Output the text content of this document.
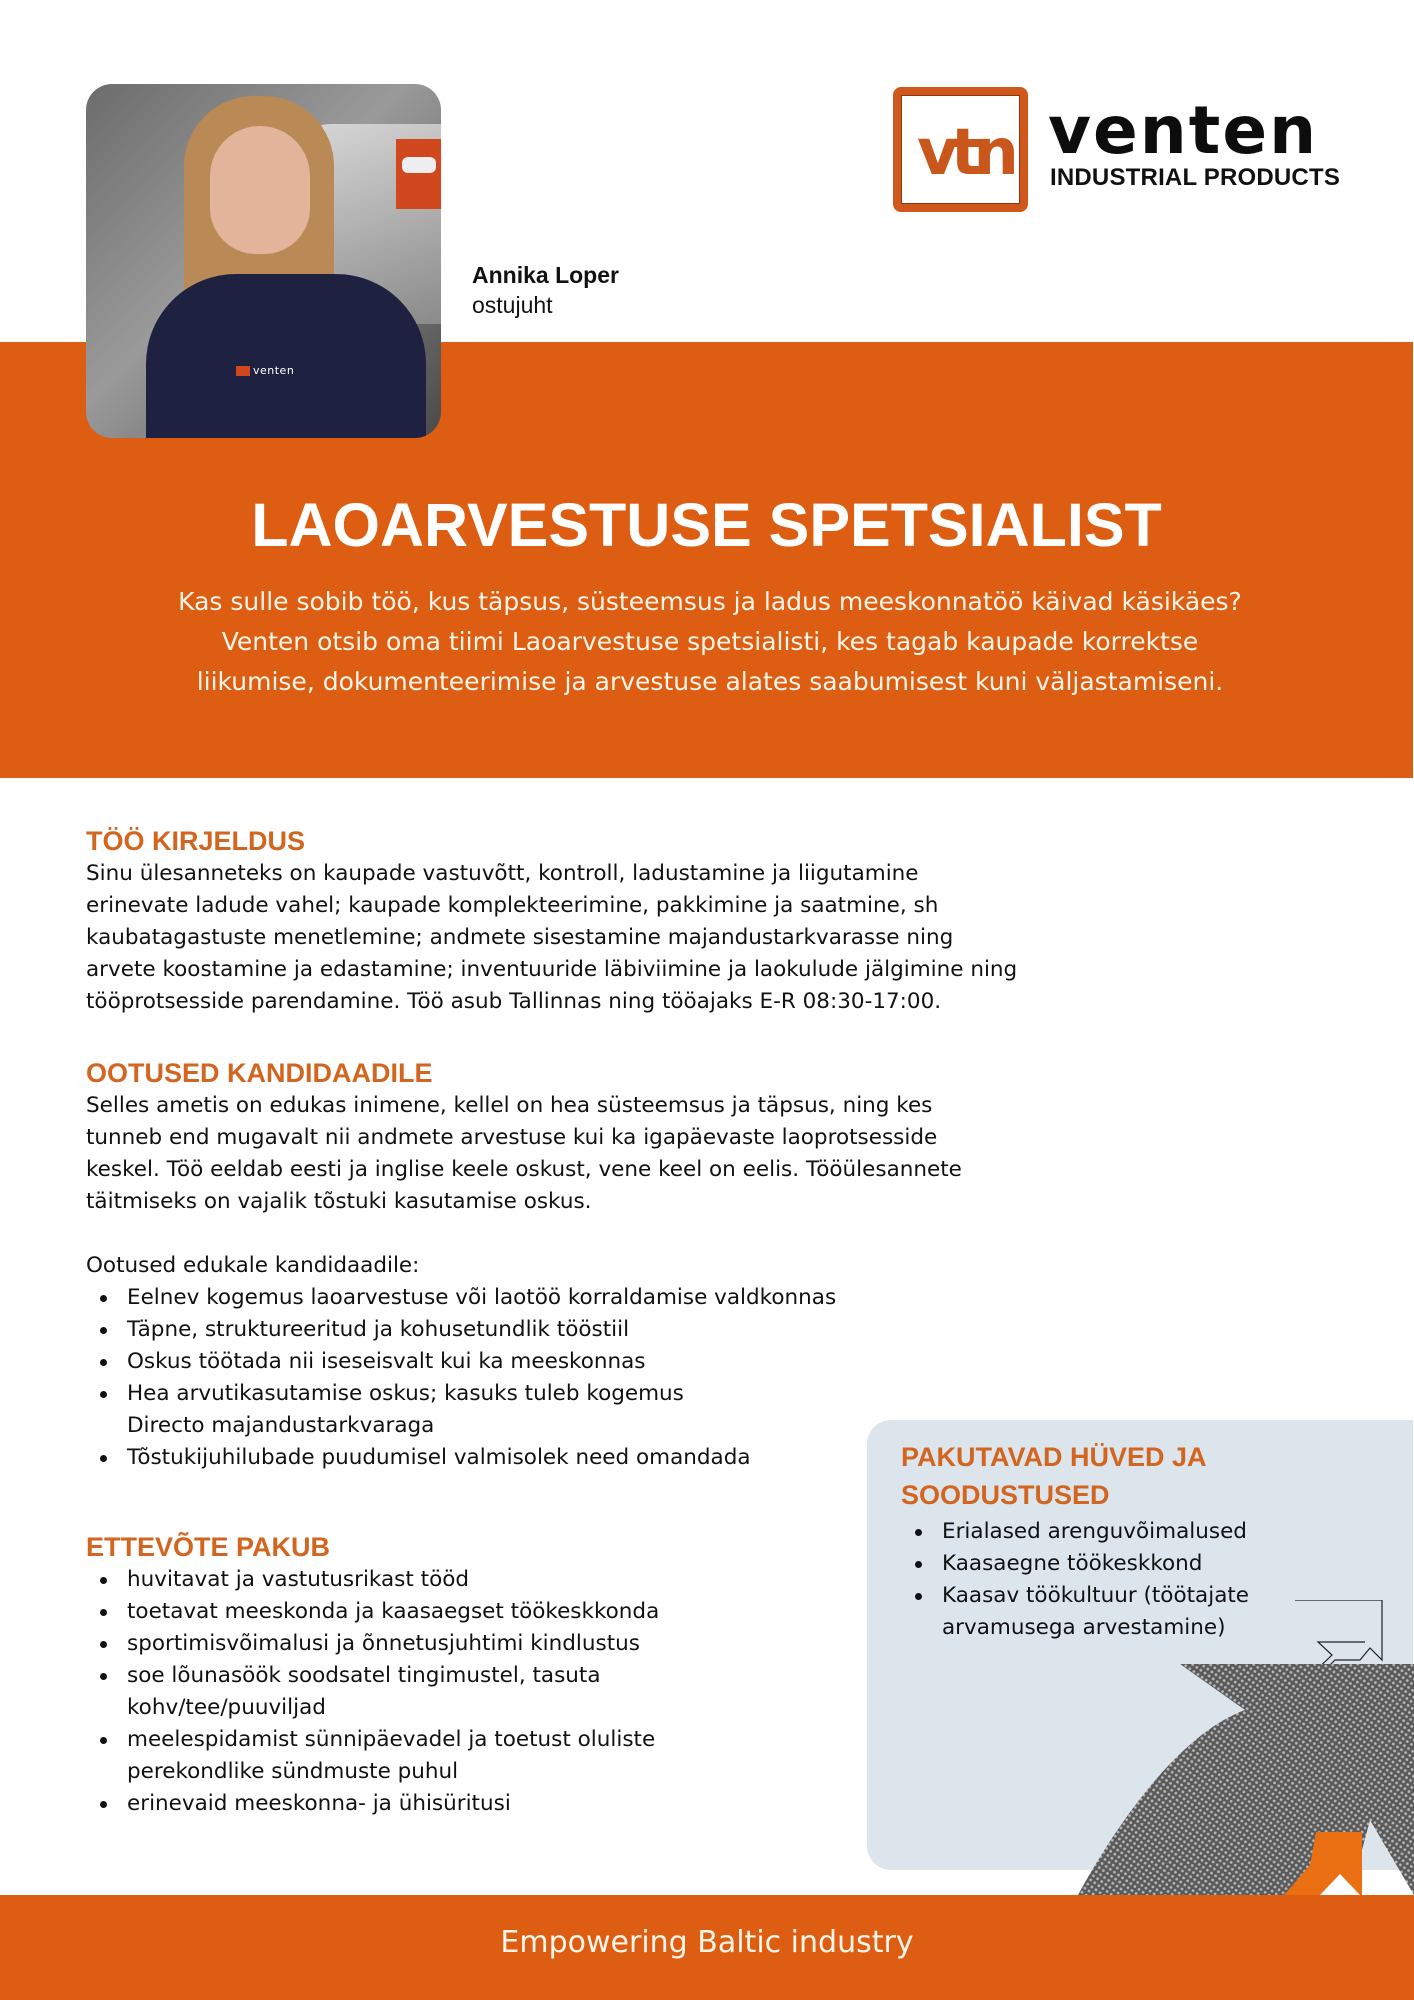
venten
Annika Loper
ostujuht
vtn venten
INDUSTRIAL PRODUCTS
LAOARVESTUSE SPETSIALIST

Kas sulle sobib töö, kus täpsus, süsteemsus ja ladus meeskonnatöö käivad käsikäes? Venten otsib oma tiimi Laoarvestuse spetsialisti, kes tagab kaupade korrektse liikumise, dokumenteerimise ja arvestuse alates saabumisest kuni väljastamiseni.

TÖÖ KIRJELDUS

Sinu ülesanneteks on kaupade vastuvõtt, kontroll, ladustamine ja liigutamine

erinevate ladude vahel; kaupade komplekteerimine, pakkimine ja saatmine, sh

kaubatagastuste menetlemine; andmete sisestamine majandustarkvarasse ning

arvete koostamine ja edastamine; inventuuride läbiviimine ja laokulude jälgimine ning

tööprotsesside parendamine. Töö asub Tallinnas ning tööajaks E-R 08:30-17:00.

OOTUSED KANDIDAADILE

Selles ametis on edukas inimene, kellel on hea süsteemsus ja täpsus, ning kes

tunneb end mugavalt nii andmete arvestuse kui ka igapäevaste laoprotsesside

keskel. Töö eeldab eesti ja inglise keele oskust, vene keel on eelis. Tööülesannete

täitmiseks on vajalik tõstuki kasutamise oskus.

Ootused edukale kandidaadile:

Eelnev kogemus laoarvestuse või laotöö korraldamise valdkonnas
Täpne, struktureeritud ja kohusetundlik tööstiil
Oskus töötada nii iseseisvalt kui ka meeskonnas
Hea arvutikasutamise oskus; kasuks tuleb kogemus Directo majandustarkvaraga
Tõstukijuhilubade puudumisel valmisolek need omandada
ETTEVÕTE PAKUB
huvitavat ja vastutusrikast tööd
toetavat meeskonda ja kaasaegset töökeskkonda
sportimisvõimalusi ja õnnetusjuhtimi kindlustus
soe lõunasöök soodsatel tingimustel, tasuta kohv/tee/puuviljad
meelespidamist sünnipäevadel ja toetust oluliste perekondlike sündmuste puhul
erinevaid meeskonna- ja ühisüritusi
PAKUTAVAD HÜVED JA SOODUSTUSED
Erialased arenguvõimalused
Kaasaegne töökeskkond
Kaasav töökultuur (töötajate arvamusega arvestamine)
Empowering Baltic industry
